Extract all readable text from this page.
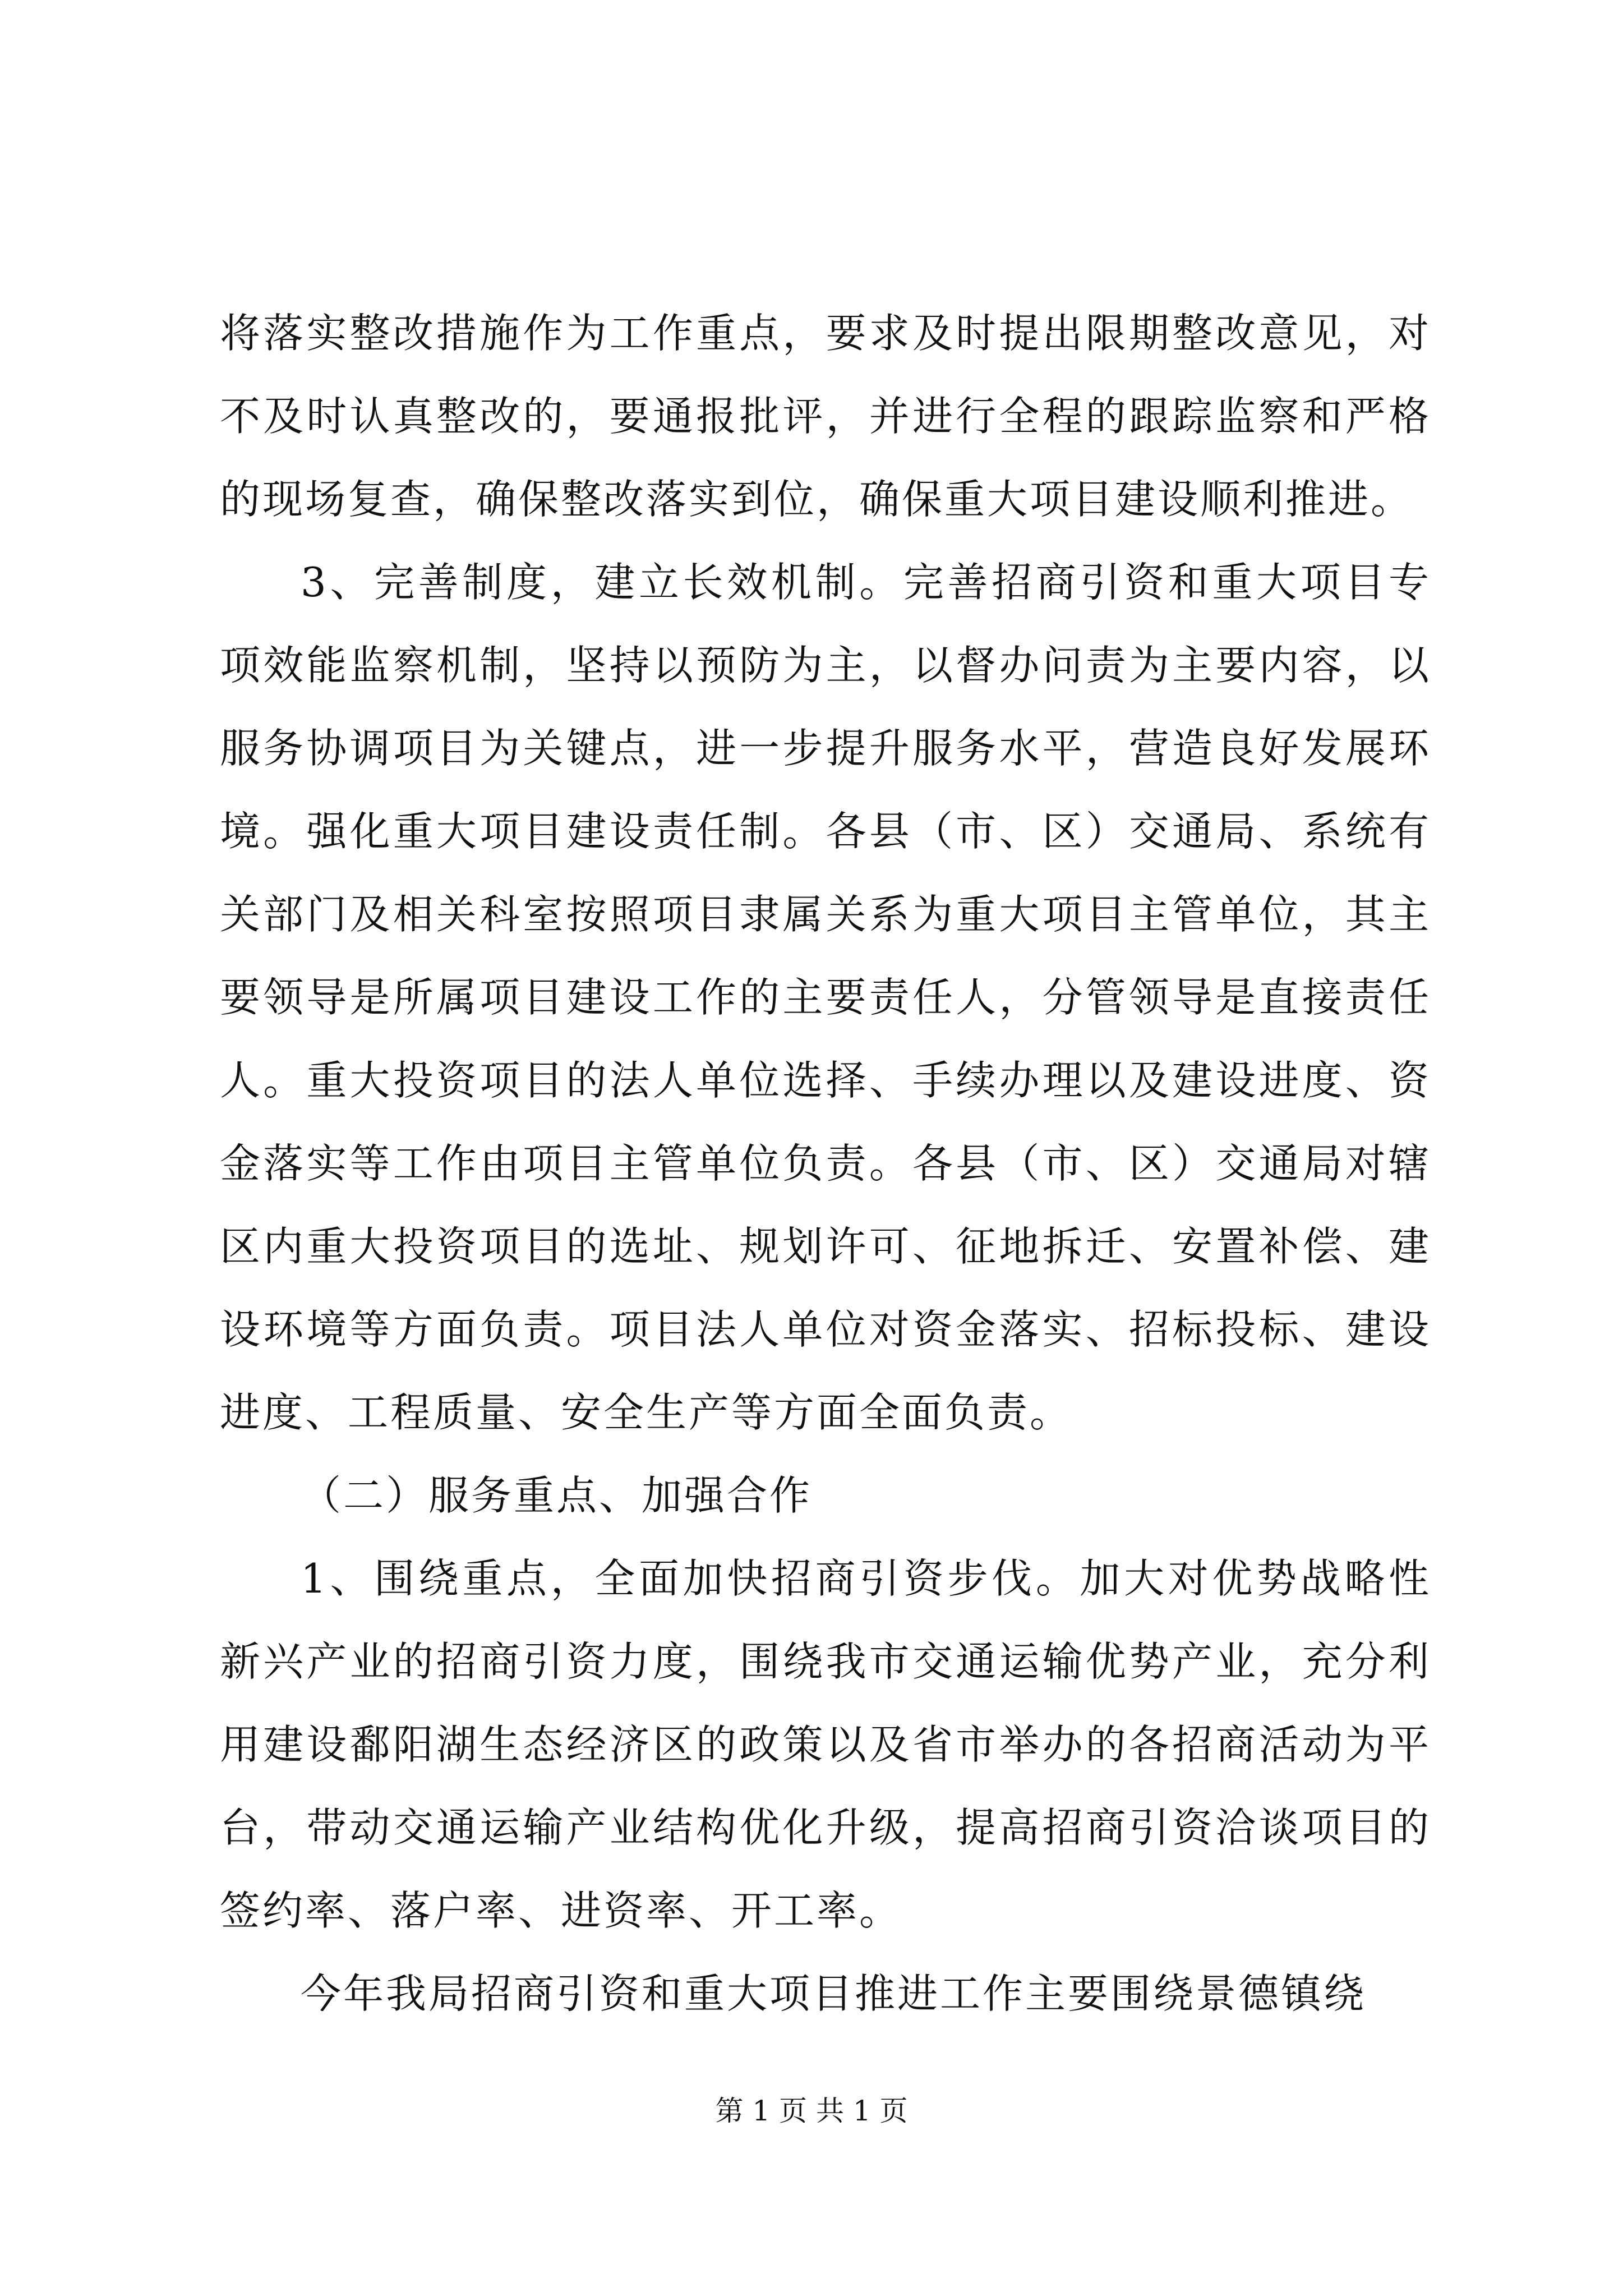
将落实整改措施作为工作重点，要求及时提出限期整改意见，对不及时认真整改的，要通报批评，并进行全程的跟踪监察和严格的现场复查，确保整改落实到位，确保重大项目建设顺利推进。

3、完善制度，建立长效机制。完善招商引资和重大项目专项效能监察机制，坚持以预防为主，以督办问责为主要内容，以服务协调项目为关键点，进一步提升服务水平，营造良好发展环境。强化重大项目建设责任制。各县（市、区）交通局、系统有关部门及相关科室按照项目隶属关系为重大项目主管单位，其主要领导是所属项目建设工作的主要责任人，分管领导是直接责任人。重大投资项目的法人单位选择、手续办理以及建设进度、资金落实等工作由项目主管单位负责。各县（市、区）交通局对辖区内重大投资项目的选址、规划许可、征地拆迁、安置补偿、建设环境等方面负责。项目法人单位对资金落实、招标投标、建设进度、工程质量、安全生产等方面全面负责。

（二）服务重点、加强合作

1、围绕重点，全面加快招商引资步伐。加大对优势战略性新兴产业的招商引资力度，围绕我市交通运输优势产业，充分利用建设鄱阳湖生态经济区的政策以及省市举办的各招商活动为平台，带动交通运输产业结构优化升级，提高招商引资洽谈项目的签约率、落户率、进资率、开工率。

今年我局招商引资和重大项目推进工作主要围绕景德镇绕

第 1 页 共 1 页
